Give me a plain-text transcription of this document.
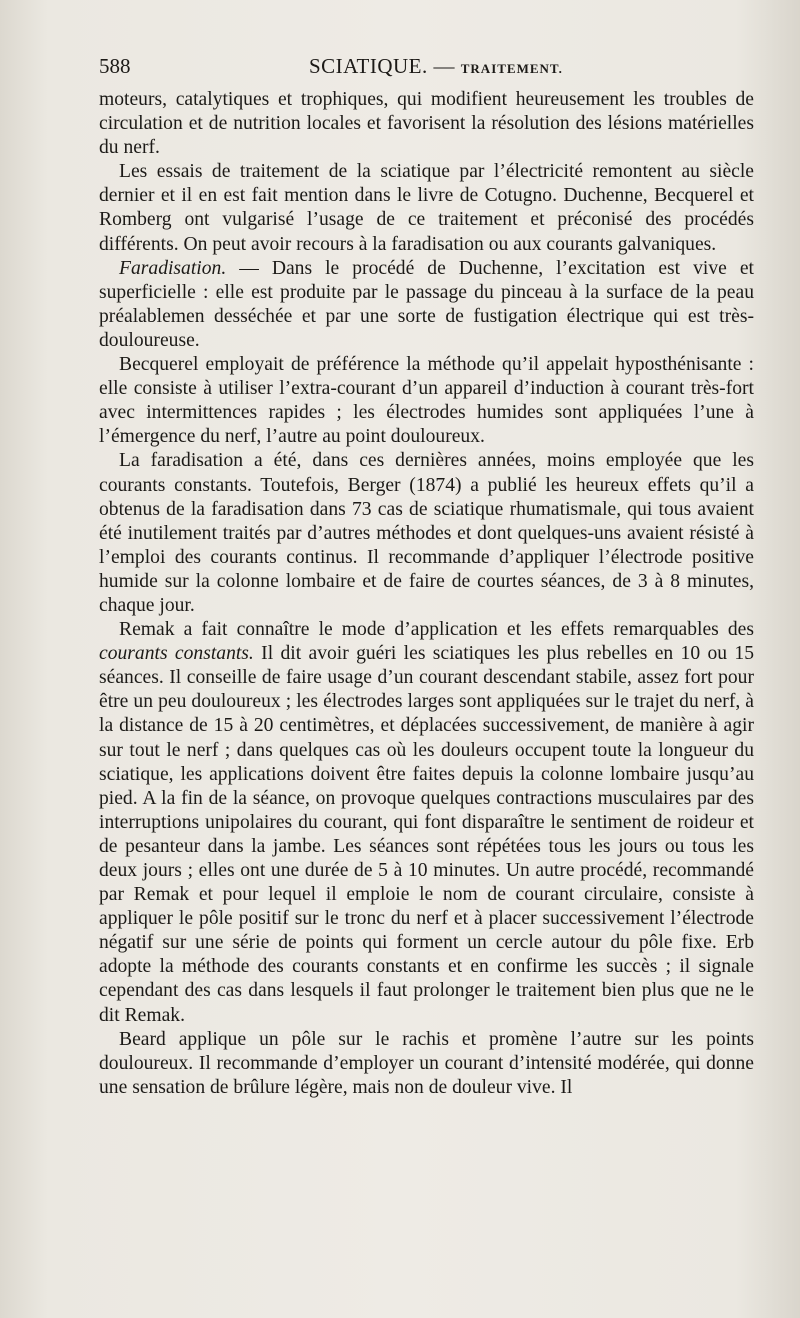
588	SCIATIQUE. — TRAITEMENT.

moteurs, catalytiques et trophiques, qui modifient heureusement les troubles de circulation et de nutrition locales et favorisent la résolution des lésions matérielles du nerf.

Les essais de traitement de la sciatique par l’électricité remontent au siècle dernier et il en est fait mention dans le livre de Cotugno. Duchenne, Becquerel et Romberg ont vulgarisé l’usage de ce traitement et préconisé des procédés différents. On peut avoir recours à la faradisation ou aux courants galvaniques.

Faradisation. — Dans le procédé de Duchenne, l’excitation est vive et superficielle : elle est produite par le passage du pinceau à la surface de la peau préalablemen desséchée et par une sorte de fustigation électrique qui est très-douloureuse.

Becquerel employait de préférence la méthode qu’il appelait hyposthénisante : elle consiste à utiliser l’extra-courant d’un appareil d’induction à courant très-fort avec intermittences rapides ; les électrodes humides sont appliquées l’une à l’émergence du nerf, l’autre au point douloureux.

La faradisation a été, dans ces dernières années, moins employée que les courants constants. Toutefois, Berger (1874) a publié les heureux effets qu’il a obtenus de la faradisation dans 73 cas de sciatique rhumatismale, qui tous avaient été inutilement traités par d’autres méthodes et dont quelques-uns avaient résisté à l’emploi des courants continus. Il recommande d’appliquer l’électrode positive humide sur la colonne lombaire et de faire de courtes séances, de 3 à 8 minutes, chaque jour.

Remak a fait connaître le mode d’application et les effets remarquables des courants constants. Il dit avoir guéri les sciatiques les plus rebelles en 10 ou 15 séances. Il conseille de faire usage d’un courant descendant stabile, assez fort pour être un peu douloureux ; les électrodes larges sont appliquées sur le trajet du nerf, à la distance de 15 à 20 centimètres, et déplacées successivement, de manière à agir sur tout le nerf ; dans quelques cas où les douleurs occupent toute la longueur du sciatique, les applications doivent être faites depuis la colonne lombaire jusqu’au pied. A la fin de la séance, on provoque quelques contractions musculaires par des interruptions unipolaires du courant, qui font disparaître le sentiment de roideur et de pesanteur dans la jambe. Les séances sont répétées tous les jours ou tous les deux jours ; elles ont une durée de 5 à 10 minutes. Un autre procédé, recommandé par Remak et pour lequel il emploie le nom de courant circulaire, consiste à appliquer le pôle positif sur le tronc du nerf et à placer successivement l’électrode négatif sur une série de points qui forment un cercle autour du pôle fixe. Erb adopte la méthode des courants constants et en confirme les succès ; il signale cependant des cas dans lesquels il faut prolonger le traitement bien plus que ne le dit Remak.

Beard applique un pôle sur le rachis et promène l’autre sur les points douloureux. Il recommande d’employer un courant d’intensité modérée, qui donne une sensation de brûlure légère, mais non de douleur vive. Il
